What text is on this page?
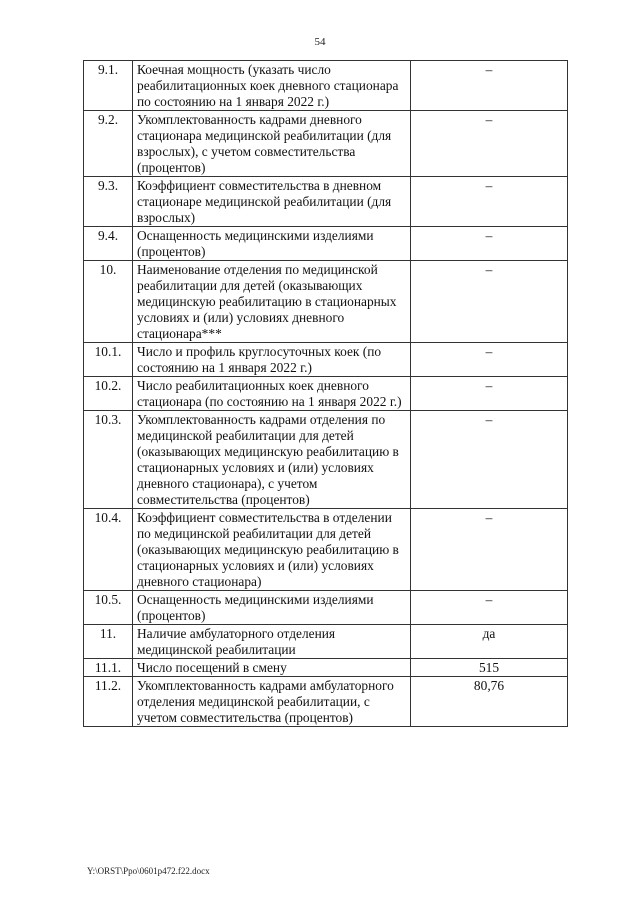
54
9.1.	Коечная мощность (указать число реабилитационных коек дневного стационара по состоянию на 1 января 2022 г.)	–
9.2.	Укомплектованность кадрами дневного стационара медицинской реабилитации (для взрослых), с учетом совместительства (процентов)	–
9.3.	Коэффициент совместительства в дневном стационаре медицинской реабилитации (для взрослых)	–
9.4.	Оснащенность медицинскими изделиями (процентов)	–
10.	Наименование отделения по медицинской реабилитации для детей (оказывающих медицинскую реабилитацию в стационарных условиях и (или) условиях дневного стационара***	–
10.1.	Число и профиль круглосуточных коек (по состоянию на 1 января 2022 г.)	–
10.2.	Число реабилитационных коек дневного стационара (по состоянию на 1 января 2022 г.)	–
10.3.	Укомплектованность кадрами отделения по медицинской реабилитации для детей (оказывающих медицинскую реабилитацию в стационарных условиях и (или) условиях дневного стационара), с учетом совместительства (процентов)	–
10.4.	Коэффициент совместительства в отделении по медицинской реабилитации для детей (оказывающих медицинскую реабилитацию в стационарных условиях и (или) условиях дневного стационара)	–
10.5.	Оснащенность медицинскими изделиями (процентов)	–
11.	Наличие амбулаторного отделения медицинской реабилитации	да
11.1.	Число посещений в смену	515
11.2.	Укомплектованность кадрами амбулаторного отделения медицинской реабилитации, с учетом совместительства (процентов)	80,76
Y:\ORST\Ppo\0601p472.f22.docx
